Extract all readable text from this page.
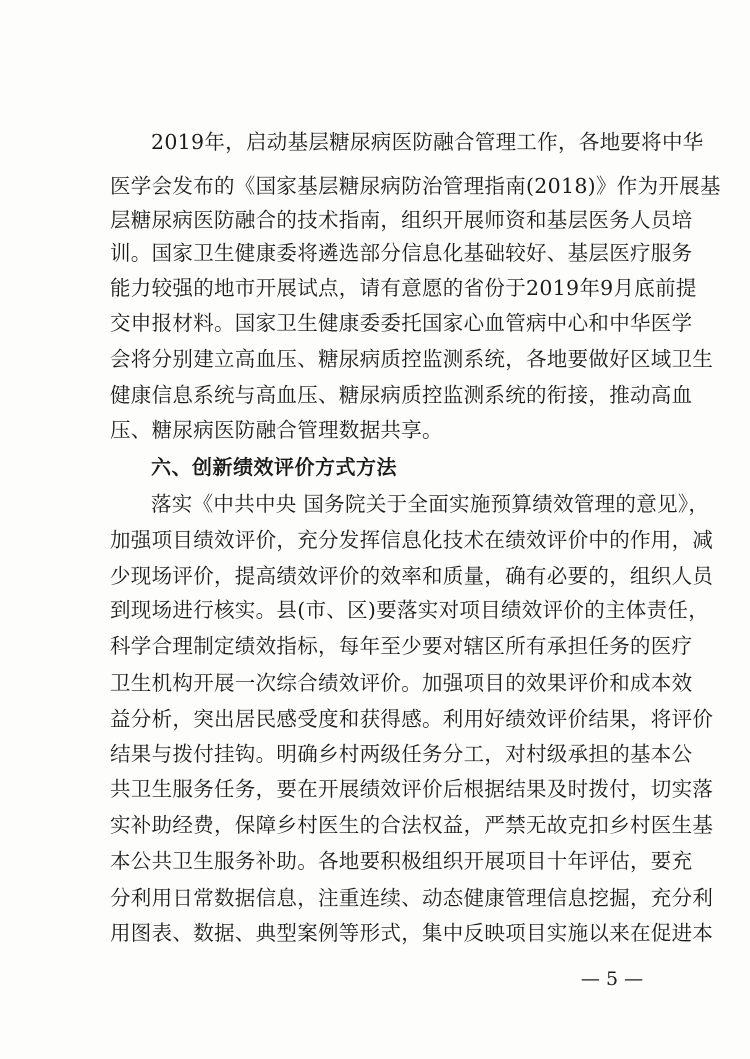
2019年，启动基层糖尿病医防融合管理工作，各地要将中华

医学会发布的《国家基层糖尿病防治管理指南(2018)》作为开展基

层糖尿病医防融合的技术指南，组织开展师资和基层医务人员培

训。国家卫生健康委将遴选部分信息化基础较好、基层医疗服务

能力较强的地市开展试点，请有意愿的省份于2019年9月底前提

交申报材料。国家卫生健康委委托国家心血管病中心和中华医学

会将分别建立高血压、糖尿病质控监测系统，各地要做好区域卫生

健康信息系统与高血压、糖尿病质控监测系统的衔接，推动高血

压、糖尿病医防融合管理数据共享。

六、创新绩效评价方式方法

落实《中共中央 国务院关于全面实施预算绩效管理的意见》，

加强项目绩效评价，充分发挥信息化技术在绩效评价中的作用，减

少现场评价，提高绩效评价的效率和质量，确有必要的，组织人员

到现场进行核实。县(市、区)要落实对项目绩效评价的主体责任，

科学合理制定绩效指标，每年至少要对辖区所有承担任务的医疗

卫生机构开展一次综合绩效评价。加强项目的效果评价和成本效

益分析，突出居民感受度和获得感。利用好绩效评价结果，将评价

结果与拨付挂钩。明确乡村两级任务分工，对村级承担的基本公

共卫生服务任务，要在开展绩效评价后根据结果及时拨付，切实落

实补助经费，保障乡村医生的合法权益，严禁无故克扣乡村医生基

本公共卫生服务补助。各地要积极组织开展项目十年评估，要充

分利用日常数据信息，注重连续、动态健康管理信息挖掘，充分利

用图表、数据、典型案例等形式，集中反映项目实施以来在促进本

— 5 —
